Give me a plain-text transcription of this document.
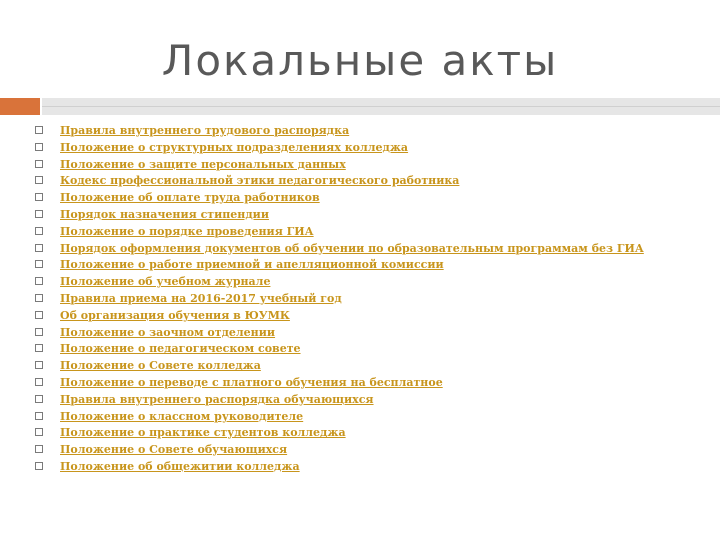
Локальные акты
Правила внутреннего трудового распорядка
Положение о структурных подразделениях колледжа
Положение о защите персональных данных
Кодекс профессиональной этики педагогического работника
Положение об оплате труда работников
Порядок назначения стипендии
Положение о порядке проведения ГИА
Порядок оформления документов об обучении по образовательным программам без ГИА
Положение о работе приемной и апелляционной комиссии
Положение об учебном журнале
Правила приема на 2016-2017 учебный год
Об организация обучения в ЮУМК
Положение о заочном отделении
Положение о педагогическом совете
Положение о Совете колледжа
Положение о переводе с платного обучения на бесплатное
Правила внутреннего распорядка обучающихся
Положение о классном руководителе
Положение о практике студентов колледжа
Положение о Совете обучающихся
Положение об общежитии колледжа
